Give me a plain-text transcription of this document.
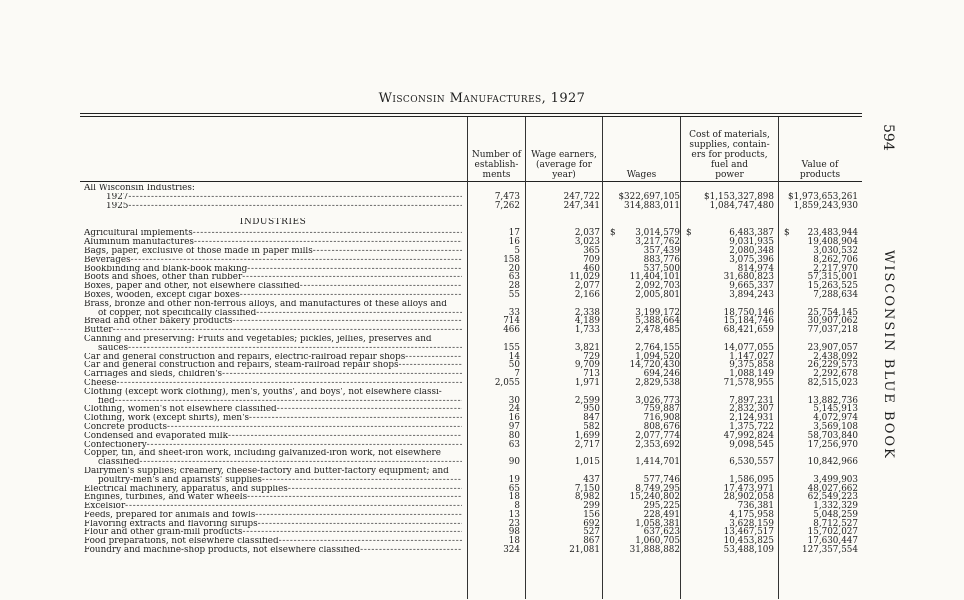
Wisconsin Manufactures, 1927
Number of
establish-
ments
Wage earners,
(average for
year)	Wages
Cost of materials,
supplies, contain-
ers for products,
fuel and
power
Value of
products
594
WISCONSIN BLUE BOOK
All Wisconsin Industries:
1927 - - -	7,473	247,722	$322,697,105	$1,153,327,898	$1,973,653,261
1925 - - -	7,262	247,341	314,883,011	1,084,747,480	1,859,243,930
INDUSTRIES
Agricultural implements - - -	17	2,037	3,014,579	6,483,387	23,483,944
$	$	$
Aluminum manufactures - - -	16	3,023	3,217,762	9,031,935	19,408,904
Bags, paper, exclusive of those made in paper mills - - -	5	365	357,439	2,080,348	3,030,532
Beverages - - -	158	709	883,776	3,075,396	8,262,706
Bookbinding and blank-book making - - -	20	460	537,500	814,974	2,217,970
Boots and shoes, other than rubber - - -	63	11,029	11,404,101	31,680,823	57,315,001
Boxes, paper and other, not elsewhere classified - - -	28	2,077	2,092,703	9,665,337	15,263,525
Boxes, wooden, except cigar boxes - - -	55	2,166	2,005,801	3,894,243	7,288,634
Brass, bronze and other non-ferrous alloys, and manufactures of these alloys and
of copper, not specifically classified - - -	33	2,338	3,199,172	18,750,146	25,754,145
Bread and other bakery products - - -	714	4,189	5,388,664	15,184,746	30,907,062
Butter - - -	466	1,733	2,478,485	68,421,659	77,037,218
Canning and preserving: Fruits and vegetables; pickles, jellies, preserves and
sauces - - -	155	3,821	2,764,155	14,077,055	23,907,057
Car and general construction and repairs, electric-railroad repair shops - - -	14	729	1,094,520	1,147,027	2,438,092
Car and general construction and repairs, steam-railroad repair shops - - -	50	9,709	14,720,430	9,375,858	26,229,573
Carriages and sleds, children's - - -	7	713	694,246	1,088,149	2,292,678
Cheese - - -	2,055	1,971	2,829,538	71,578,955	82,515,023
Clothing (except work clothing), men's, youths', and boys', not elsewhere classi-
fied - - -	30	2,599	3,026,773	7,897,231	13,882,736
Clothing, women's not elsewhere classified - - -	24	950	759,887	2,832,307	5,145,913
Clothing, work (except shirts), men's - - -	16	847	716,908	2,124,931	4,072,974
Concrete products - - -	97	582	808,676	1,375,722	3,569,108
Condensed and evaporated milk - - -	80	1,699	2,077,774	47,992,824	58,703,840
Confectionery - - -	63	2,717	2,353,692	9,098,545	17,256,970
Copper, tin, and sheet-iron work, including galvanized-iron work, not elsewhere
classified - - -	90	1,015	1,414,701	6,530,557	10,842,966
Dairymen's supplies; creamery, cheese-factory and butter-factory equipment; and
poultry-men's and apiarists' supplies - - -	19	437	577,746	1,586,095	3,499,903
Electrical machinery, apparatus, and supplies - - -	65	7,150	8,749,295	17,473,971	48,027,662
Engines, turbines, and water wheels - - -	18	8,982	15,240,802	28,902,058	62,549,223
Excelsior - - -	8	299	295,225	736,381	1,332,329
Feeds, prepared for animals and fowls - - -	13	156	228,491	4,175,958	5,048,259
Flavoring extracts and flavoring sirups - - -	23	692	1,058,381	3,628,159	8,712,527
Flour and other grain-mill products - - -	98	527	637,623	13,467,517	15,702,027
Food preparations, not elsewhere classified - - -	18	867	1,060,705	10,453,825	17,630,447
Foundry and machine-shop products, not elsewhere classified - - -	324	21,081	31,888,882	53,488,109	127,357,554
